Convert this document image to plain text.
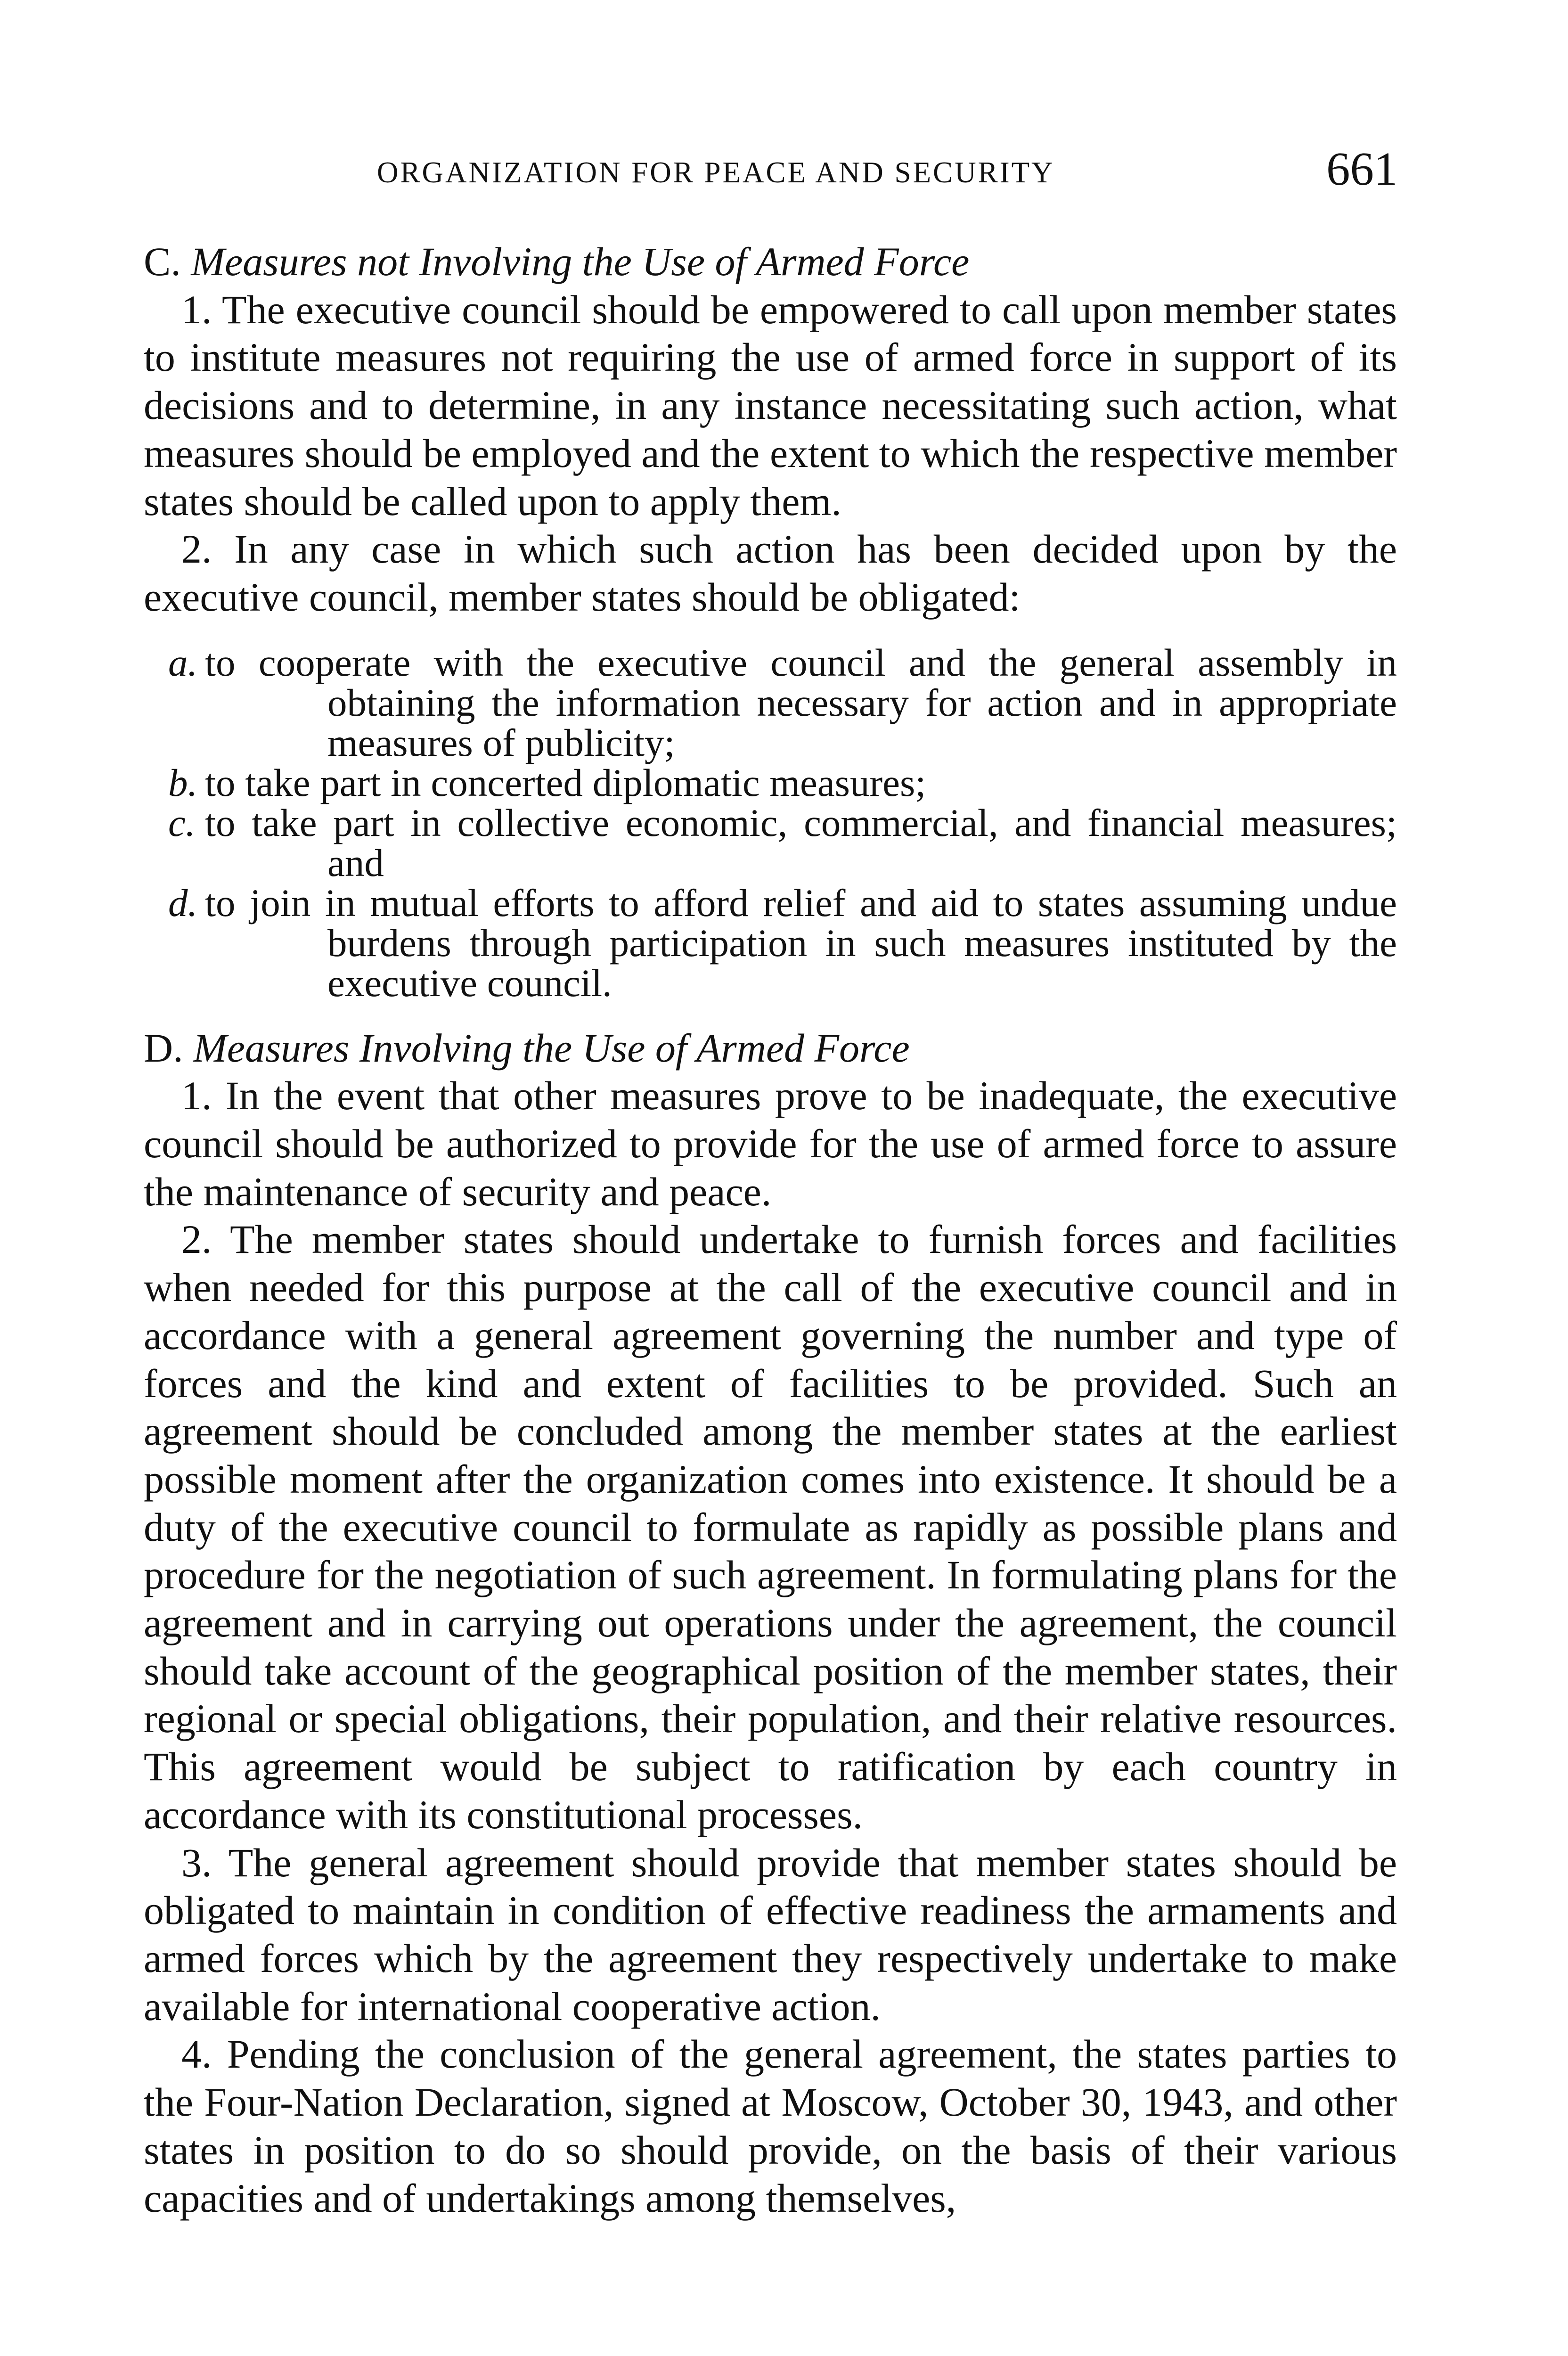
ORGANIZATION FOR PEACE AND SECURITY	661
C. Measures not Involving the Use of Armed Force

1. The executive council should be empowered to call upon member states to institute measures not requiring the use of armed force in support of its decisions and to determine, in any instance necessitating such action, what measures should be employed and the extent to which the respective member states should be called upon to apply them.

2. In any case in which such action has been decided upon by the executive council, member states should be obligated:

a. to cooperate with the executive council and the general assembly in obtaining the information necessary for action and in appropriate measures of publicity;
b. to take part in concerted diplomatic measures;
c. to take part in collective economic, commercial, and financial measures; and
d. to join in mutual efforts to afford relief and aid to states assuming undue burdens through participation in such measures instituted by the executive council.
D. Measures Involving the Use of Armed Force

1. In the event that other measures prove to be inadequate, the executive council should be authorized to provide for the use of armed force to assure the maintenance of security and peace.

2. The member states should undertake to furnish forces and facilities when needed for this purpose at the call of the executive council and in accordance with a general agreement governing the number and type of forces and the kind and extent of facilities to be provided. Such an agreement should be concluded among the member states at the earliest possible moment after the organization comes into existence. It should be a duty of the executive council to formulate as rapidly as possible plans and procedure for the negotiation of such agreement. In formulating plans for the agreement and in carrying out operations under the agreement, the council should take account of the geographical position of the member states, their regional or special obligations, their population, and their relative resources. This agreement would be subject to ratification by each country in accordance with its constitutional processes.

3. The general agreement should provide that member states should be obligated to maintain in condition of effective readiness the armaments and armed forces which by the agreement they respectively undertake to make available for international cooperative action.

4. Pending the conclusion of the general agreement, the states parties to the Four-Nation Declaration, signed at Moscow, October 30, 1943, and other states in position to do so should provide, on the basis of their various capacities and of undertakings among themselves,
